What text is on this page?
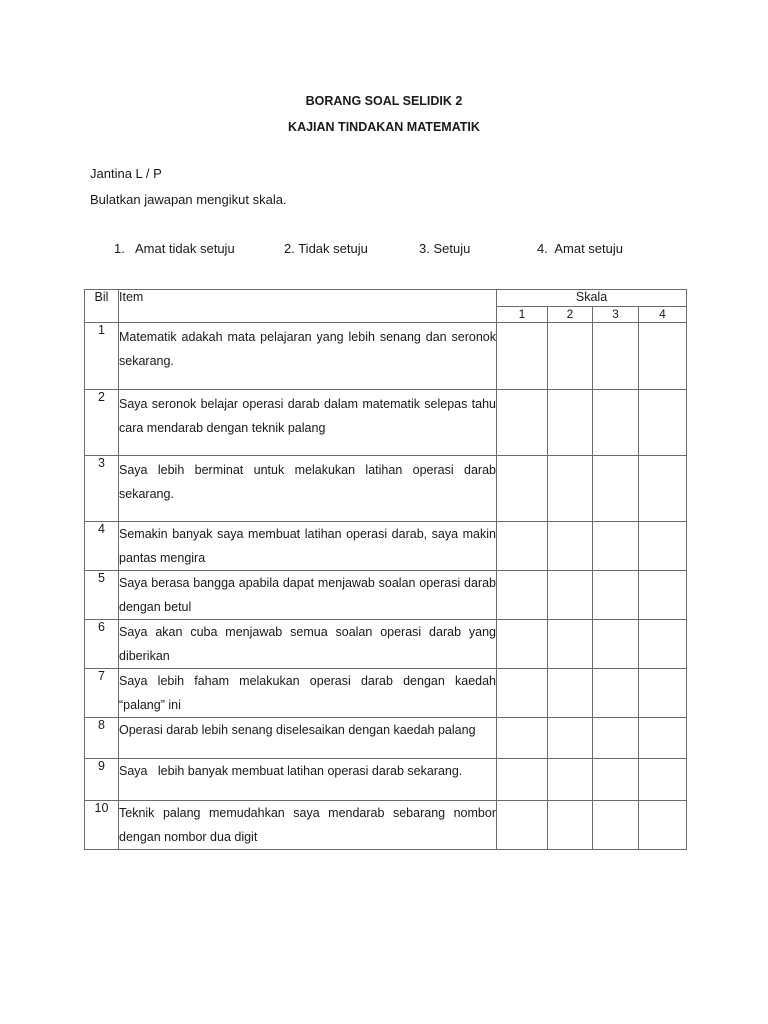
BORANG SOAL SELIDIK 2
KAJIAN TINDAKAN MATEMATIK
Jantina L / P
Bulatkan jawapan mengikut skala.
1.   Amat tidak setuju	2. Tidak setuju	3. Setuju	4.  Amat setuju
Bil	Item	Skala			
		1	2	3	4
1	Matematik adakah mata pelajaran yang lebih senang dan seronok sekarang.				
2	Saya seronok belajar operasi darab dalam matematik selepas tahu cara mendarab dengan teknik palang				
3	Saya lebih berminat untuk melakukan latihan operasi darab sekarang.				
4	Semakin banyak saya membuat latihan operasi darab, saya makin pantas mengira				
5	Saya berasa bangga apabila dapat menjawab soalan operasi darab dengan betul				
6	Saya akan cuba menjawab semua soalan operasi darab yang diberikan				
7	Saya lebih faham melakukan operasi darab dengan kaedah “palang” ini				
8	Operasi darab lebih senang diselesaikan dengan kaedah palang				
9	Saya   lebih banyak membuat latihan operasi darab sekarang.				
10	Teknik palang memudahkan saya mendarab sebarang nombor dengan nombor dua digit				
